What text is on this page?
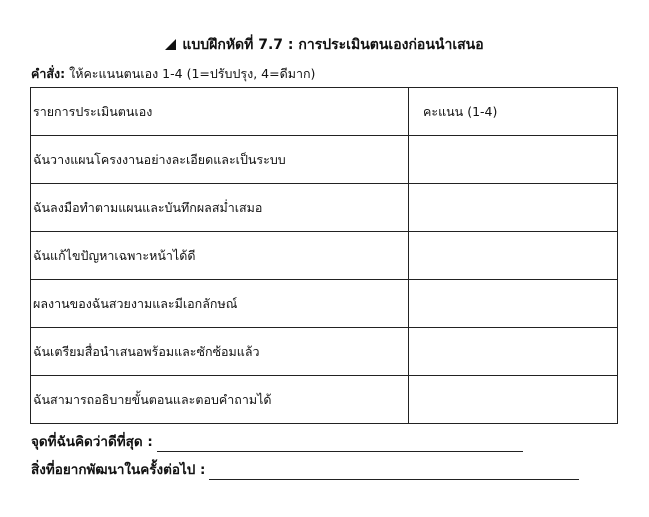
แบบฝึกหัดที่ 7.7 : การประเมินตนเองก่อนนำเสนอ
คำสั่ง: ให้คะแนนตนเอง 1-4 (1=ปรับปรุง, 4=ดีมาก)
รายการประเมินตนเอง	คะแนน (1-4)
ฉันวางแผนโครงงานอย่างละเอียดและเป็นระบบ	
ฉันลงมือทำตามแผนและบันทึกผลสม่ำเสมอ	
ฉันแก้ไขปัญหาเฉพาะหน้าได้ดี	
ผลงานของฉันสวยงามและมีเอกลักษณ์	
ฉันเตรียมสื่อนำเสนอพร้อมและซักซ้อมแล้ว	
ฉันสามารถอธิบายขั้นตอนและตอบคำถามได้	
จุดที่ฉันคิดว่าดีที่สุด :
สิ่งที่อยากพัฒนาในครั้งต่อไป :
